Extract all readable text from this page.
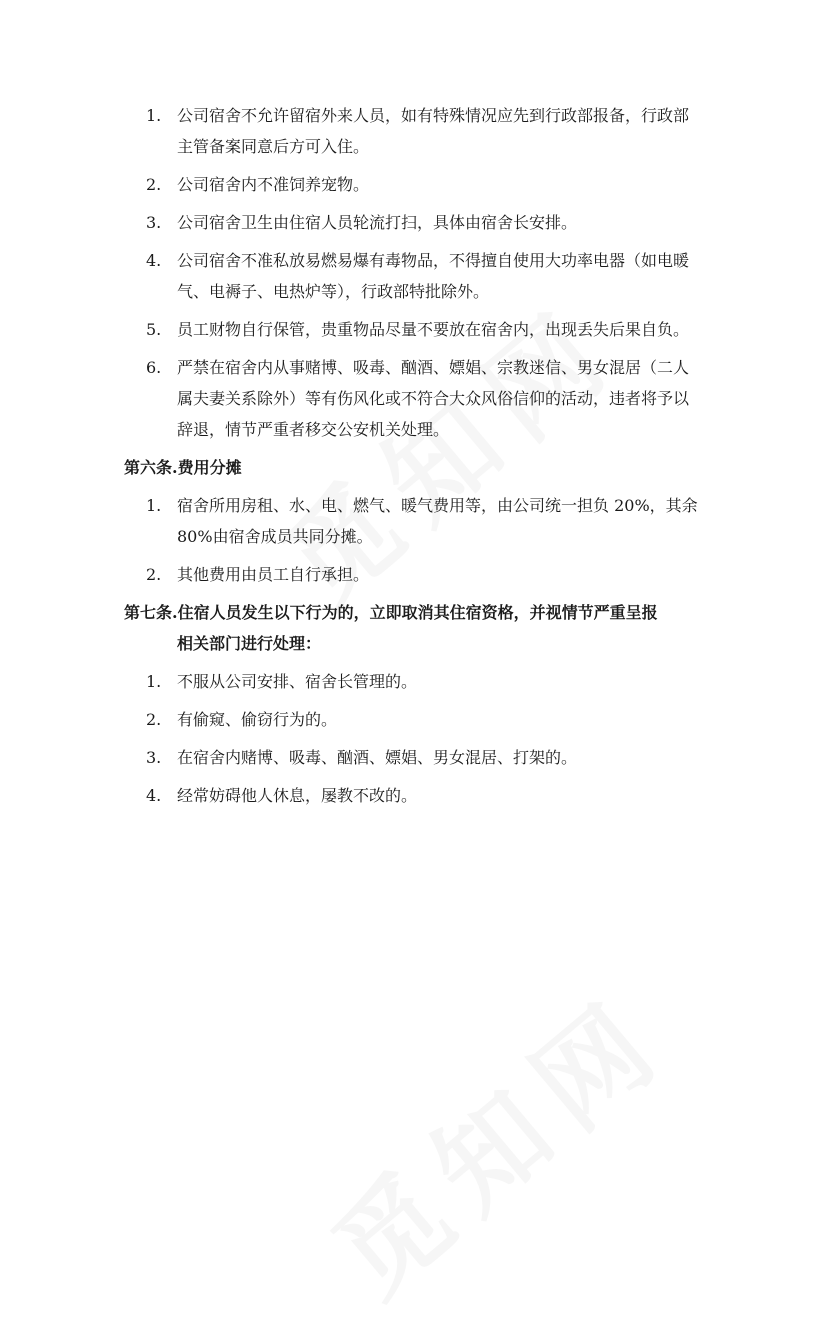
1. 公司宿舍不允许留宿外来人员，如有特殊情况应先到行政部报备，行政部主管备案同意后方可入住。
2. 公司宿舍内不准饲养宠物。
3. 公司宿舍卫生由住宿人员轮流打扫，具体由宿舍长安排。
4. 公司宿舍不准私放易燃易爆有毒物品，不得擅自使用大功率电器（如电暖气、电褥子、电热炉等），行政部特批除外。
5. 员工财物自行保管，贵重物品尽量不要放在宿舍内，出现丢失后果自负。
6. 严禁在宿舍内从事赌博、吸毒、酗酒、嫖娼、宗教迷信、男女混居（二人属夫妻关系除外）等有伤风化或不符合大众风俗信仰的活动，违者将予以辞退，情节严重者移交公安机关处理。
第六条.费用分摊
1. 宿舍所用房租、水、电、燃气、暖气费用等，由公司统一担负 20%，其余 80%由宿舍成员共同分摊。
2. 其他费用由员工自行承担。
第七条.住宿人员发生以下行为的，立即取消其住宿资格，并视情节严重呈报
相关部门进行处理：
1. 不服从公司安排、宿舍长管理的。
2. 有偷窥、偷窃行为的。
3. 在宿舍内赌博、吸毒、酗酒、嫖娼、男女混居、打架的。
4. 经常妨碍他人休息，屡教不改的。
